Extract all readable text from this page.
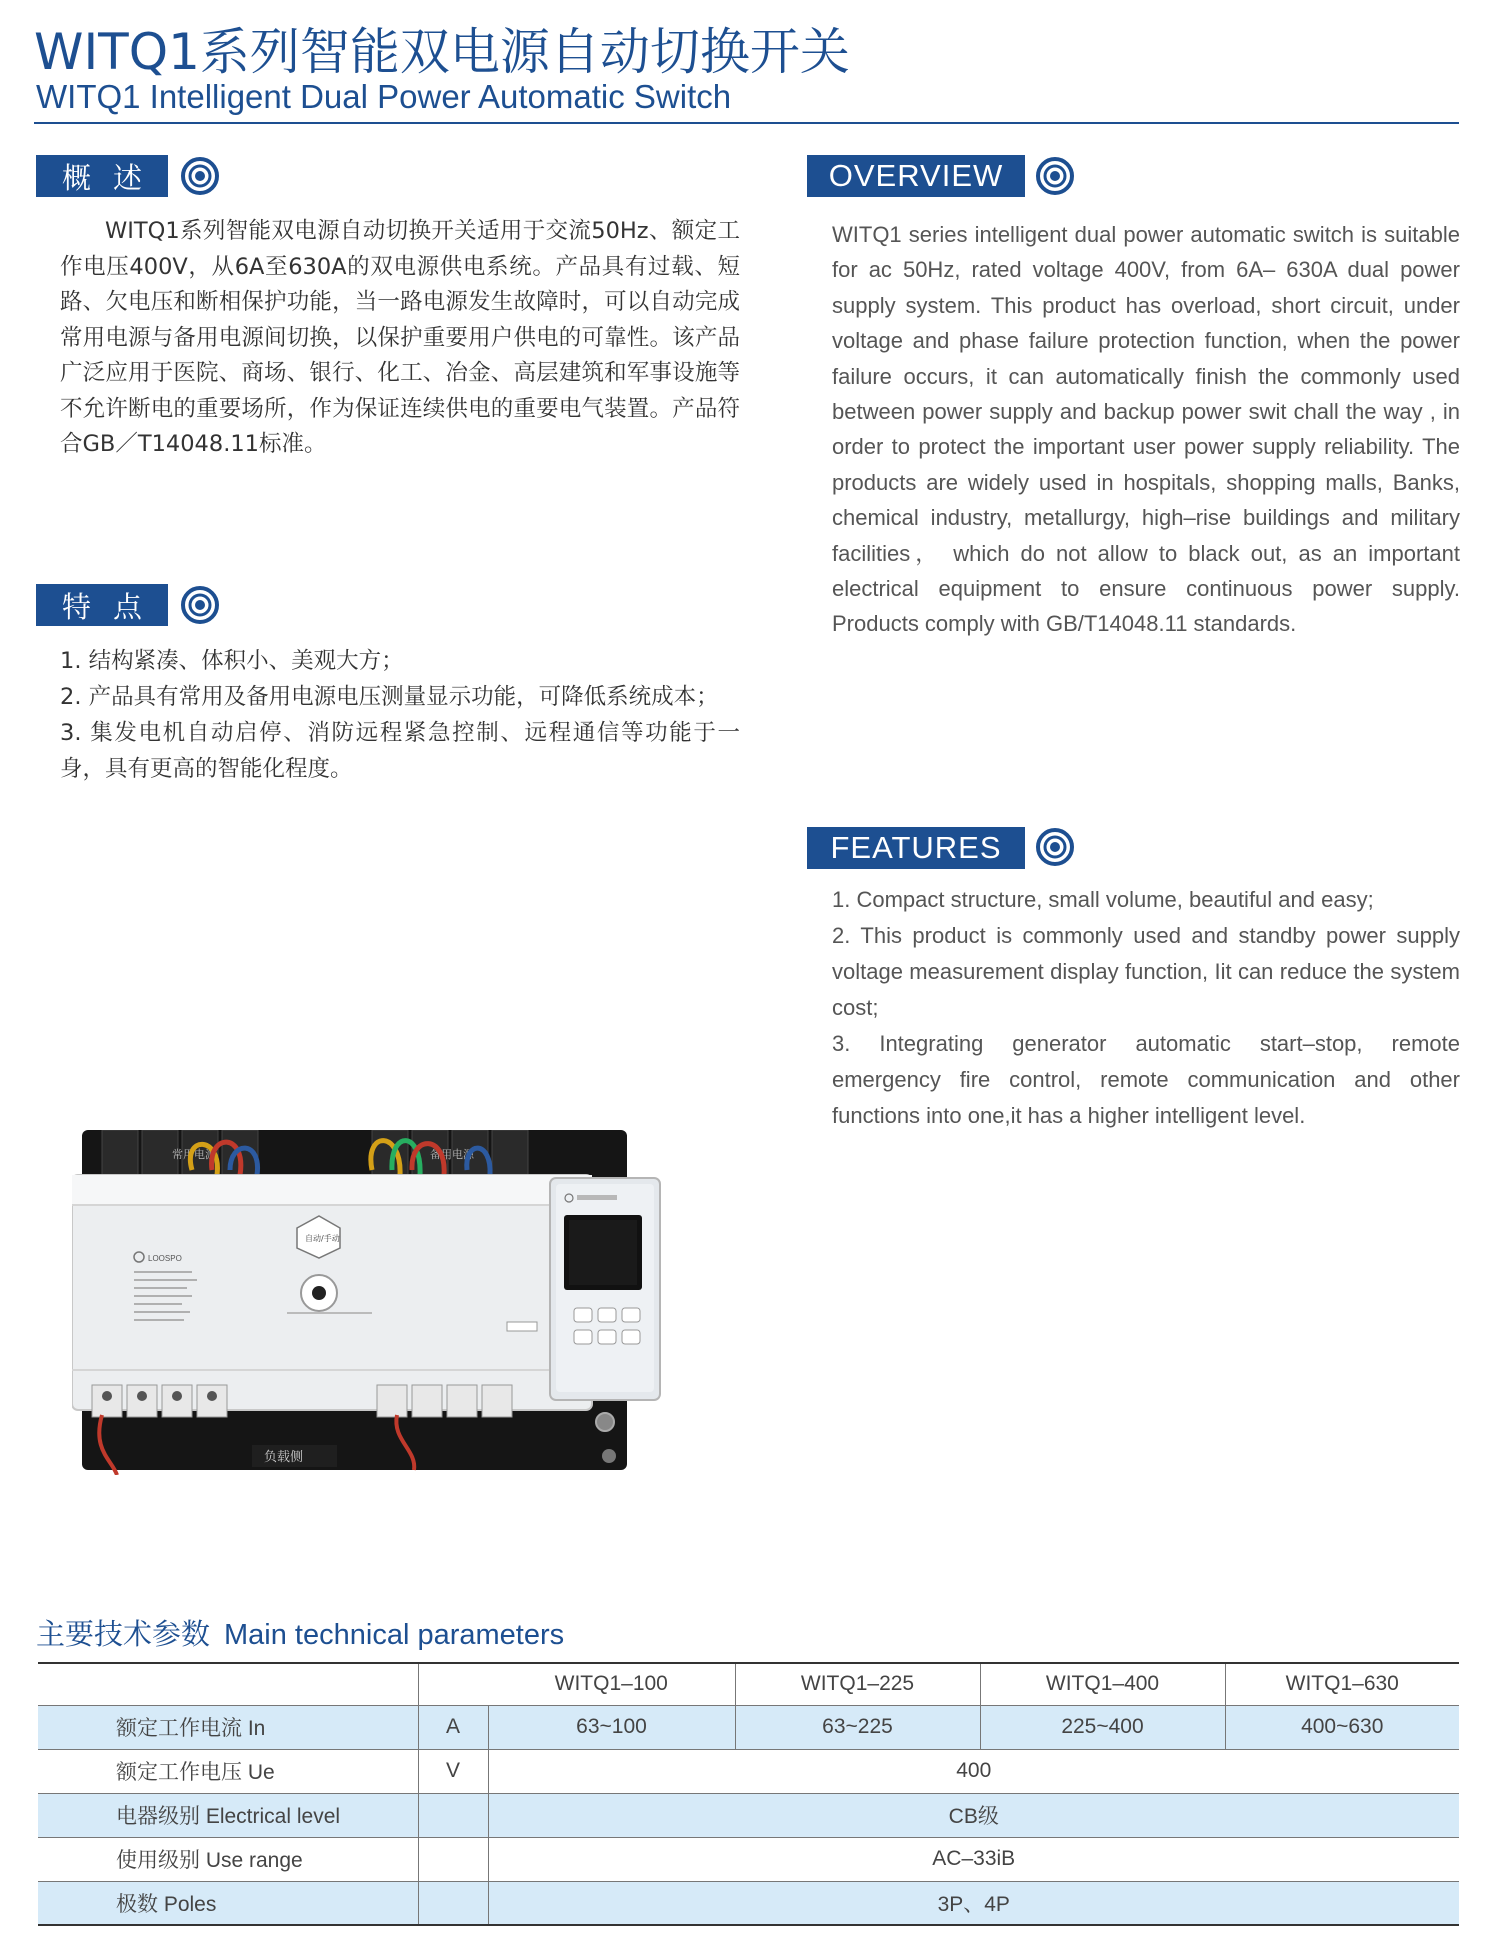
WITQ1系列智能双电源自动切换开关
WITQ1 Intelligent Dual Power Automatic Switch
概述

WITQ1系列智能双电源自动切换开关适用于交流50Hz、额定工作电压400V，从6A至630A的双电源供电系统。产品具有过载、短路、欠电压和断相保护功能，当一路电源发生故障时，可以自动完成常用电源与备用电源间切换，以保护重要用户供电的可靠性。该产品广泛应用于医院、商场、银行、化工、冶金、高层建筑和军事设施等不允许断电的重要场所，作为保证连续供电的重要电气装置。产品符合GB／T14048.11标准。

特点
1. 结构紧凑、体积小、美观大方；
2. 产品具有常用及备用电源电压测量显示功能，可降低系统成本；
3. 集发电机自动启停、消防远程紧急控制、远程通信等功能于一身，具有更高的智能化程度。
OVERVIEW
WITQ1 series intelligent dual power automatic switch is suitable for ac 50Hz, rated voltage 400V, from 6A– 630A dual power supply system. This product has overload, short circuit, under voltage and phase failure protection function, when the power failure occurs, it can automatically finish the commonly used between power supply and backup power swit chall the way , in order to protect the important user power supply reliability. The products are widely used in hospitals, shopping malls, Banks, chemical industry, metallurgy, high–rise buildings and military facilities， which do not allow to black out, as an important electrical equipment to ensure continuous power supply. Products comply with GB/T14048.11 standards.
FEATURES
1. Compact structure, small volume, beautiful and easy;
2. This product is commonly used and standby power supply voltage measurement display function, Iit can reduce the system cost;
3. Integrating generator automatic start–stop, remote emergency fire control, remote communication and other functions into one,it has a higher intelligent level.
常用电源	备用电源
LOOSPO
自动/手动
负载侧
主要技术参数 Main technical parameters
		WITQ1–100	WITQ1–225	WITQ1–400	WITQ1–630
额定工作电流 In	A	63~100	63~225	225~400	400~630
额定工作电压 Ue	V	400			
电器级别 Electrical level		CB级			
使用级别 Use range		AC–33iB			
极数 Poles		3P、4P			
